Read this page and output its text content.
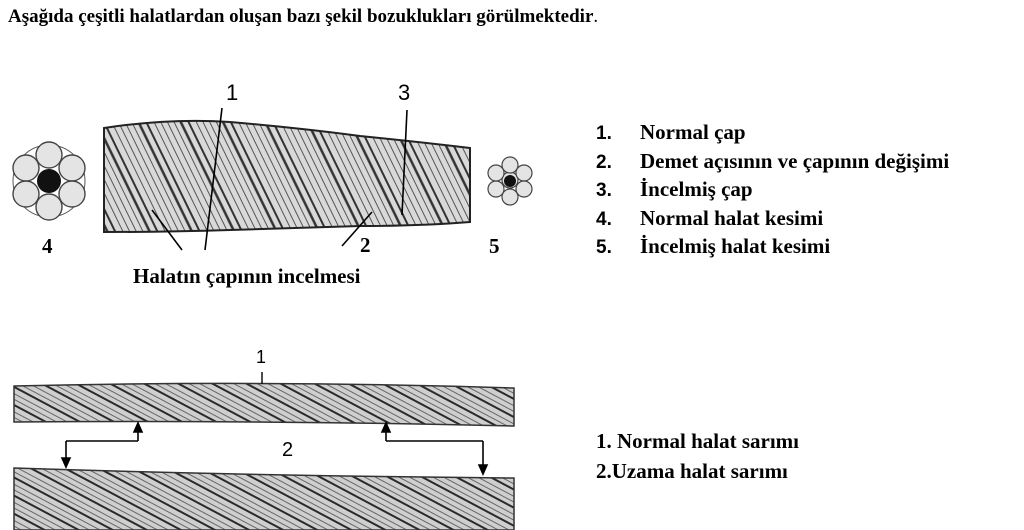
Aşağıda çeşitli halatlardan oluşan bazı şekil bozuklukları görülmektedir.
1	3
2
4	5
Halatın çapının incelmesi
1. Normal çap
2. Demet açısının ve çapının değişimi
3. İncelmiş çap
4. Normal halat kesimi
5. İncelmiş halat kesimi
1
2	1. Normal halat sarımı
2.Uzama halat sarımı
